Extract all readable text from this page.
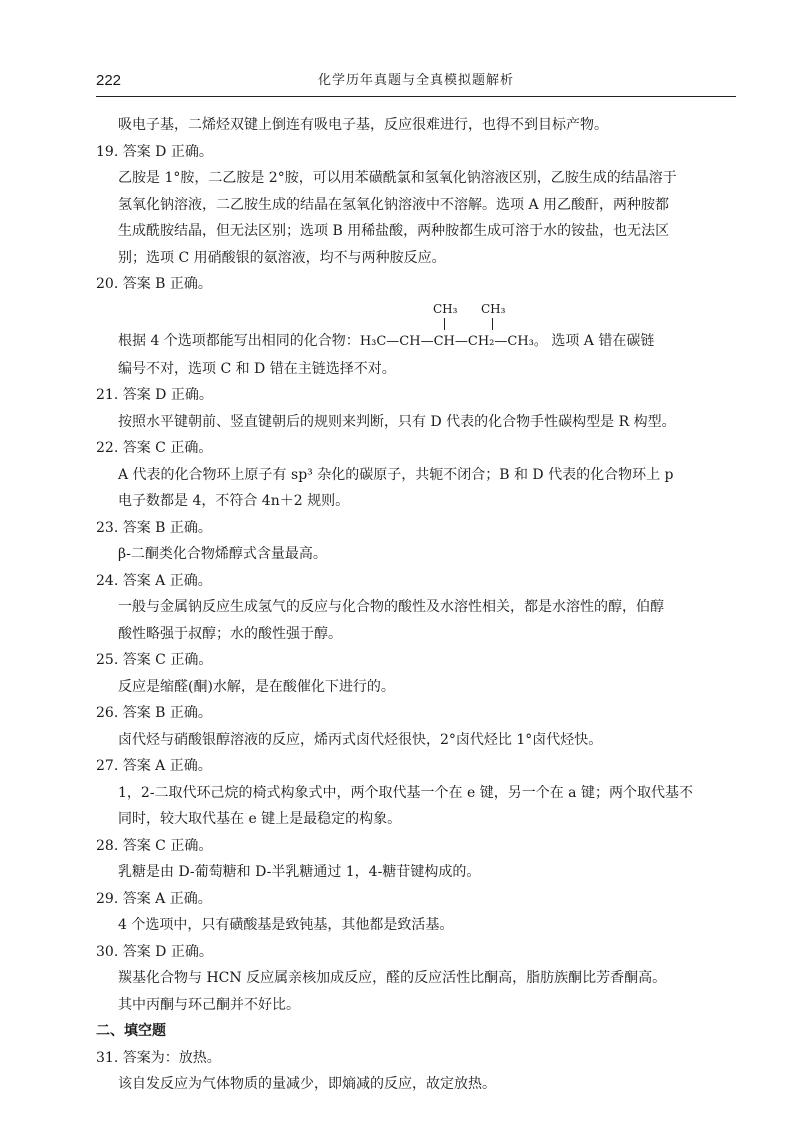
222	化学历年真题与全真模拟题解析
吸电子基，二烯烃双键上倒连有吸电子基，反应很难进行，也得不到目标产物。
19. 答案 D 正确。
乙胺是 1°胺，二乙胺是 2°胺，可以用苯磺酰氯和氢氧化钠溶液区别，乙胺生成的结晶溶于
氢氧化钠溶液，二乙胺生成的结晶在氢氧化钠溶液中不溶解。选项 A 用乙酸酐，两种胺都
生成酰胺结晶，但无法区别；选项 B 用稀盐酸，两种胺都生成可溶于水的铵盐，也无法区
别；选项 C 用硝酸银的氨溶液，均不与两种胺反应。
20. 答案 B 正确。
CH₃ CH₃
根据 4 个选项都能写出相同的化合物：H₃C—CH—CH—CH₂—CH₃。 选项 A 错在碳链
编号不对，选项 C 和 D 错在主链选择不对。
21. 答案 D 正确。
按照水平键朝前、竖直键朝后的规则来判断，只有 D 代表的化合物手性碳构型是 R 构型。
22. 答案 C 正确。
A 代表的化合物环上原子有 sp³ 杂化的碳原子，共轭不闭合；B 和 D 代表的化合物环上 p
电子数都是 4，不符合 4n＋2 规则。
23. 答案 B 正确。
β-二酮类化合物烯醇式含量最高。
24. 答案 A 正确。
一般与金属钠反应生成氢气的反应与化合物的酸性及水溶性相关，都是水溶性的醇，伯醇
酸性略强于叔醇；水的酸性强于醇。
25. 答案 C 正确。
反应是缩醛(酮)水解，是在酸催化下进行的。
26. 答案 B 正确。
卤代烃与硝酸银醇溶液的反应，烯丙式卤代烃很快，2°卤代烃比 1°卤代烃快。
27. 答案 A 正确。
1，2-二取代环己烷的椅式构象式中，两个取代基一个在 e 键，另一个在 a 键；两个取代基不
同时，较大取代基在 e 键上是最稳定的构象。
28. 答案 C 正确。
乳糖是由 D-葡萄糖和 D-半乳糖通过 1，4-糖苷键构成的。
29. 答案 A 正确。
4 个选项中，只有磺酸基是致钝基，其他都是致活基。
30. 答案 D 正确。
羰基化合物与 HCN 反应属亲核加成反应，醛的反应活性比酮高，脂肪族酮比芳香酮高。
其中丙酮与环己酮并不好比。
二、填空题
31. 答案为：放热。
该自发反应为气体物质的量减少，即熵减的反应，故定放热。
